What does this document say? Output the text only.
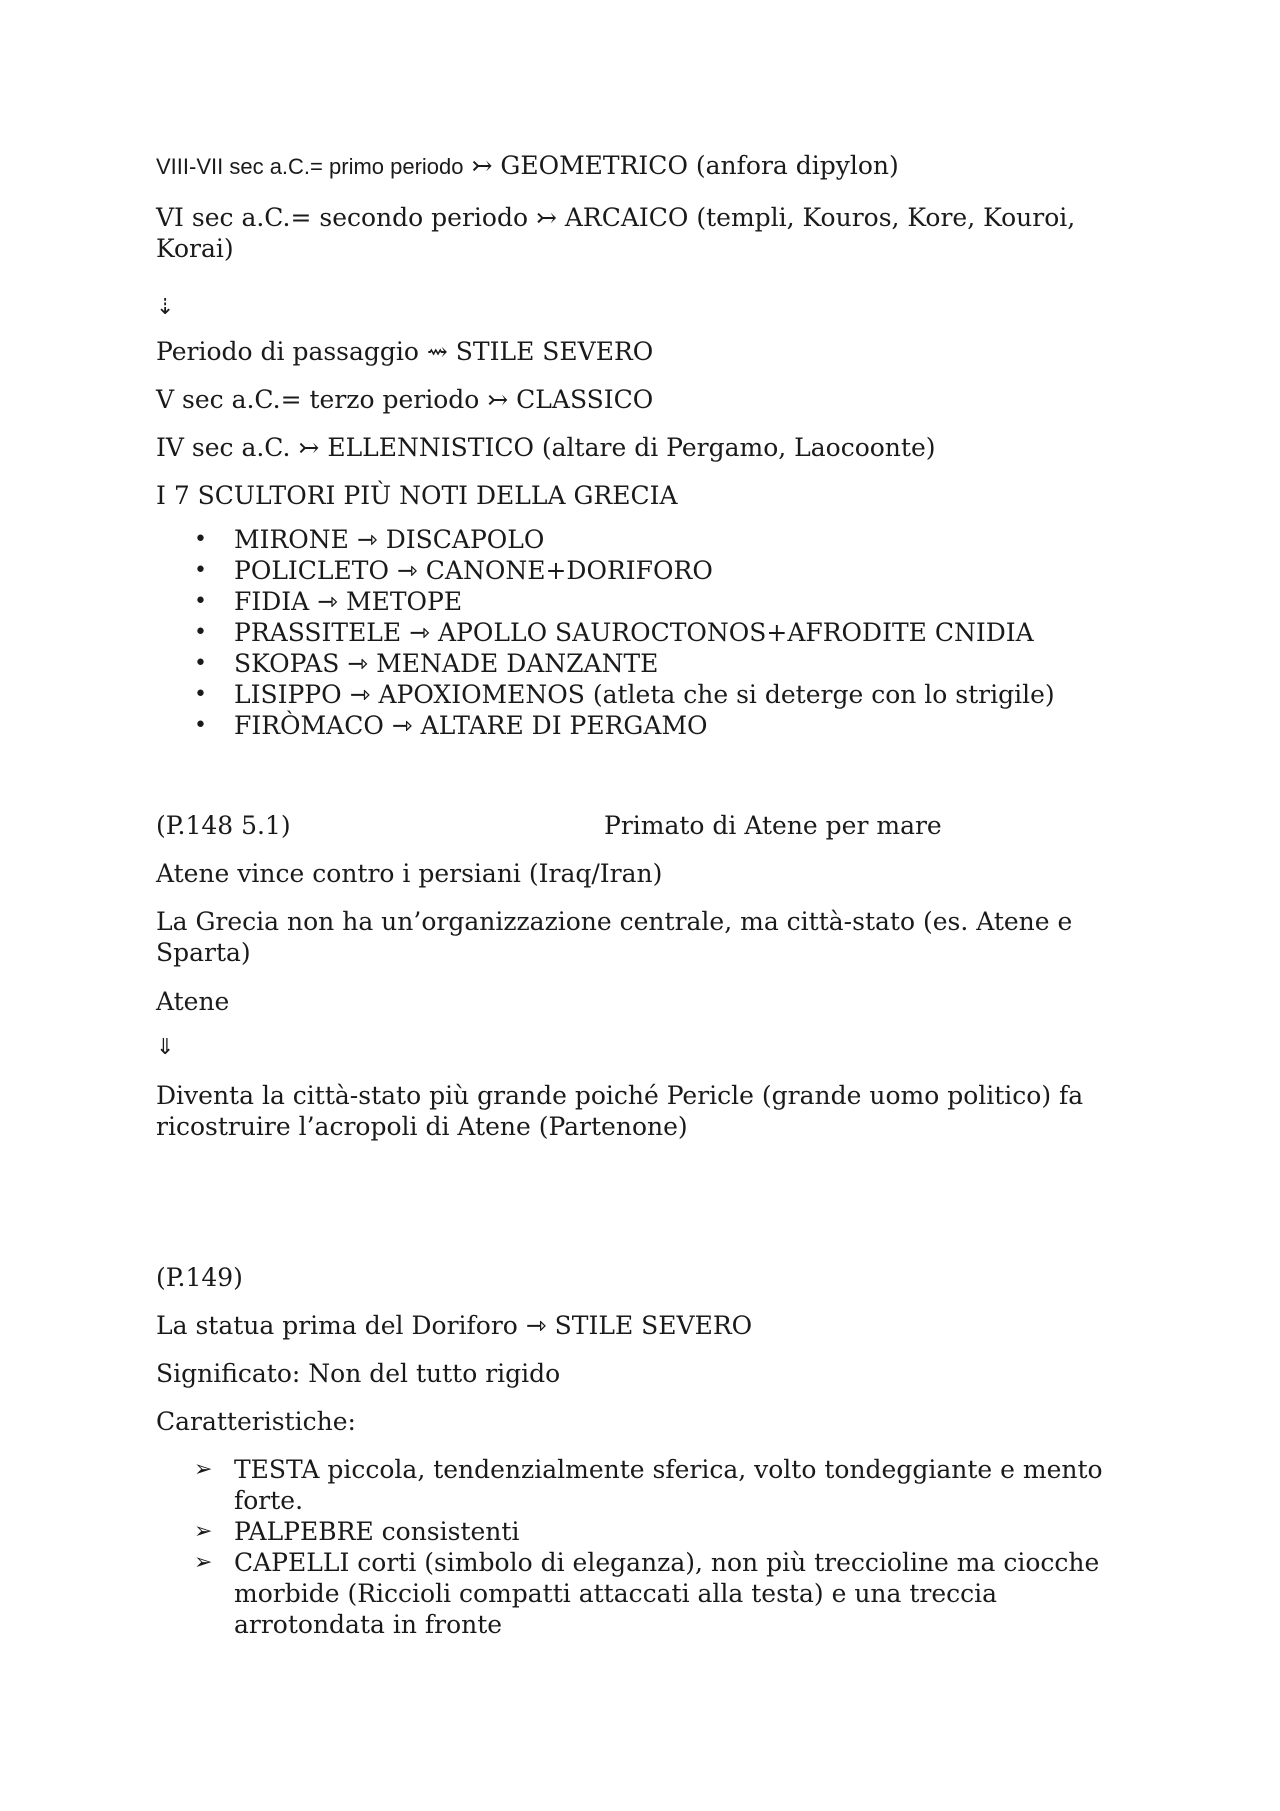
VIII-VII sec a.C.= primo periodo ↣ GEOMETRICO (anfora dipylon)

VI sec a.C.= secondo periodo ↣ ARCAICO (templi, Kouros, Kore, Kouroi, Korai)

⇣

Periodo di passaggio ⇝ STILE SEVERO

V sec a.C.= terzo periodo ↣ CLASSICO

IV sec a.C. ↣ ELLENNISTICO (altare di Pergamo, Laocoonte)

I 7 SCULTORI PIÙ NOTI DELLA GRECIA

• MIRONE ⇾ DISCAPOLO
• POLICLETO ⇾ CANONE+DORIFORO
• FIDIA ⇾ METOPE
• PRASSITELE ⇾ APOLLO SAUROCTONOS+AFRODITE CNIDIA
• SKOPAS ⇾ MENADE DANZANTE
• LISIPPO ⇾ APOXIOMENOS (atleta che si deterge con lo strigile)
• FIRÒMACO ⇾ ALTARE DI PERGAMO

(P.148 5.1)	Primato di Atene per mare

Atene vince contro i persiani (Iraq/Iran)

La Grecia non ha un’organizzazione centrale, ma città-stato (es. Atene e Sparta)

Atene

⇓

Diventa la città-stato più grande poiché Pericle (grande uomo politico) fa ricostruire l’acropoli di Atene (Partenone)

(P.149)

La statua prima del Doriforo ⇾ STILE SEVERO

Significato: Non del tutto rigido

Caratteristiche:

➢ TESTA piccola, tendenzialmente sferica, volto tondeggiante e mento forte.
➢ PALPEBRE consistenti
➢ CAPELLI corti (simbolo di eleganza), non più treccioline ma ciocche morbide (Riccioli compatti attaccati alla testa) e una treccia arrotondata in fronte
